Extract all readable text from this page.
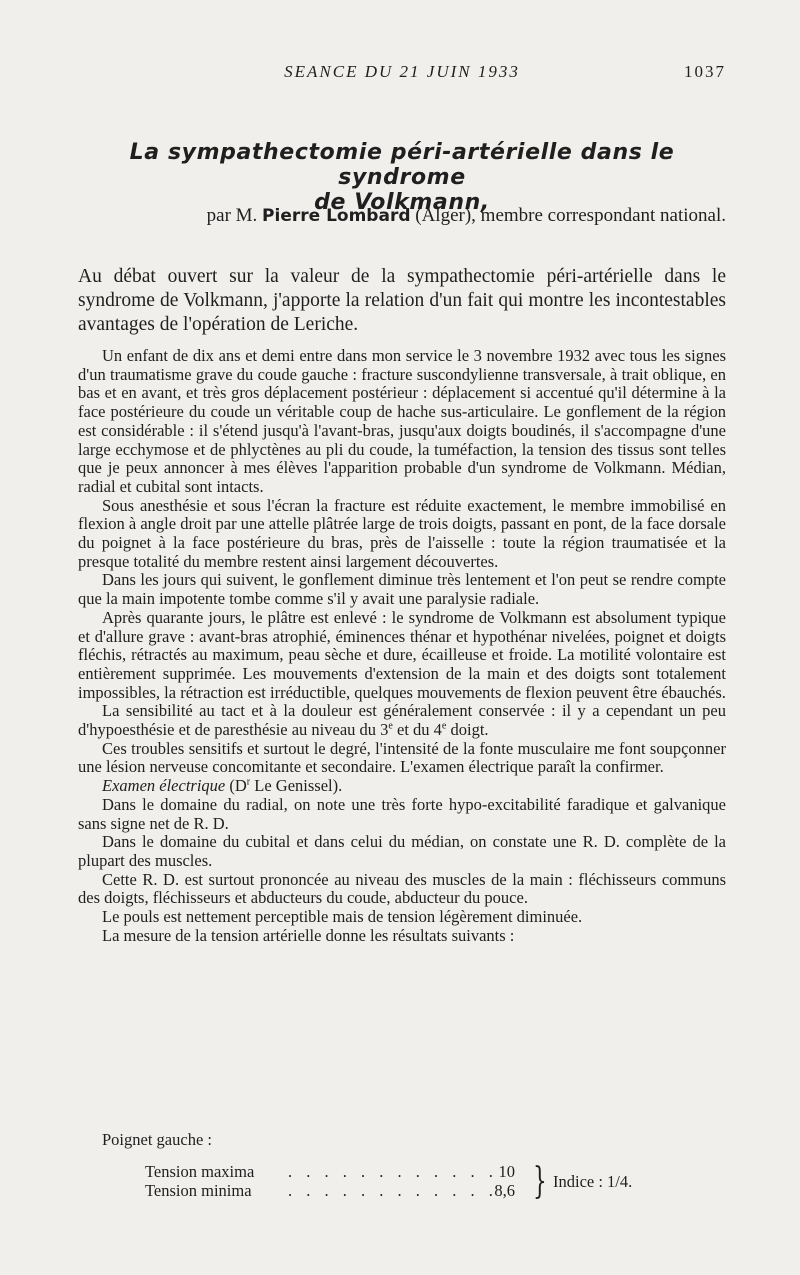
SEANCE DU 21 JUIN 1933	1037
La sympathectomie péri-artérielle dans le syndrome
de Volkmann,
par M. Pierre Lombard (Alger), membre correspondant national.
Au débat ouvert sur la valeur de la sympathectomie péri-artérielle dans le syndrome de Volkmann, j'apporte la relation d'un fait qui montre les incontestables avantages de l'opération de Leriche.

Un enfant de dix ans et demi entre dans mon service le 3 novembre 1932 avec tous les signes d'un traumatisme grave du coude gauche : fracture suscondylienne transversale, à trait oblique, en bas et en avant, et très gros déplacement postérieur : déplacement si accentué qu'il détermine à la face postérieure du coude un véritable coup de hache sus-articulaire. Le gonflement de la région est considérable : il s'étend jusqu'à l'avant-bras, jusqu'aux doigts boudinés, il s'accompagne d'une large ecchymose et de phlyctènes au pli du coude, la tuméfaction, la tension des tissus sont telles que je peux annoncer à mes élèves l'apparition probable d'un syndrome de Volkmann. Médian, radial et cubital sont intacts.

Sous anesthésie et sous l'écran la fracture est réduite exactement, le membre immobilisé en flexion à angle droit par une attelle plâtrée large de trois doigts, passant en pont, de la face dorsale du poignet à la face postérieure du bras, près de l'aisselle : toute la région traumatisée et la presque totalité du membre restent ainsi largement découvertes.

Dans les jours qui suivent, le gonflement diminue très lentement et l'on peut se rendre compte que la main impotente tombe comme s'il y avait une paralysie radiale.

Après quarante jours, le plâtre est enlevé : le syndrome de Volkmann est absolument typique et d'allure grave : avant-bras atrophié, éminences thénar et hypothénar nivelées, poignet et doigts fléchis, rétractés au maximum, peau sèche et dure, écailleuse et froide. La motilité volontaire est entièrement supprimée. Les mouvements d'extension de la main et des doigts sont totalement impossibles, la rétraction est irréductible, quelques mouvements de flexion peuvent être ébauchés.

La sensibilité au tact et à la douleur est généralement conservée : il y a cependant un peu d'hypoesthésie et de paresthésie au niveau du 3e et du 4e doigt.

Ces troubles sensitifs et surtout le degré, l'intensité de la fonte musculaire me font soupçonner une lésion nerveuse concomitante et secondaire. L'examen électrique paraît la confirmer.

Examen électrique ($D^r$ Le Genissel).

Dans le domaine du radial, on note une très forte hypo-excitabilité faradique et galvanique sans signe net de R. D.

Dans le domaine du cubital et dans celui du médian, on constate une R. D. complète de la plupart des muscles.

Cette R. D. est surtout prononcée au niveau des muscles de la main : fléchisseurs communs des doigts, fléchisseurs et abducteurs du coude, abducteur du pouce.

Le pouls est nettement perceptible mais de tension légèrement diminuée.

La mesure de la tension artérielle donne les résultats suivants :

Poignet gauche :
Tension maxima . . . . . . . . . . . . 10
Tension minima . . . . . . . . . . . .
8,6 } Indice : 1/4.
